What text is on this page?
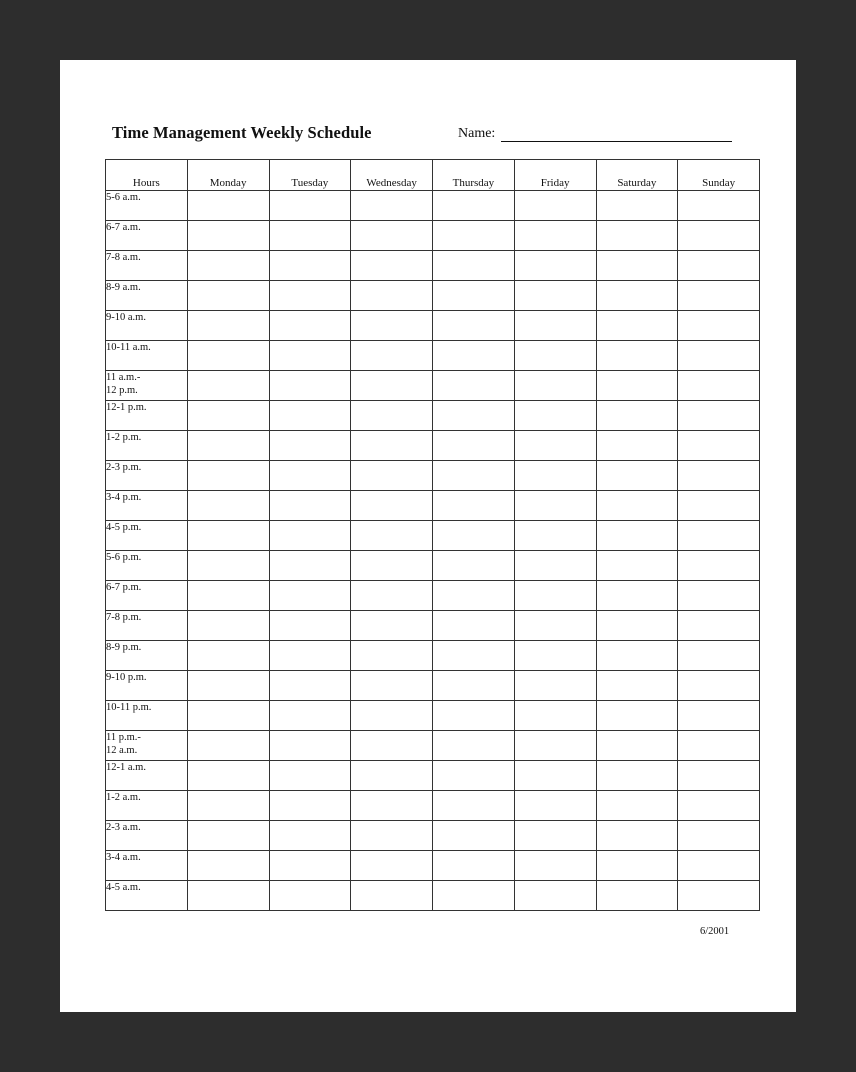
Time Management Weekly Schedule	Name:
Hours	Monday	Tuesday	Wednesday	Thursday	Friday	Saturday	Sunday
5-6 a.m.							
6-7 a.m.							
7-8 a.m.							
8-9 a.m.							
9-10 a.m.							
10-11 a.m.							
11 a.m.-
12 p.m.							
12-1 p.m.							
1-2 p.m.							
2-3 p.m.							
3-4 p.m.							
4-5 p.m.							
5-6 p.m.							
6-7 p.m.							
7-8 p.m.							
8-9 p.m.							
9-10 p.m.							
10-11 p.m.							
11 p.m.-
12 a.m.							
12-1 a.m.							
1-2 a.m.							
2-3 a.m.							
3-4 a.m.							
4-5 a.m.							
6/2001
